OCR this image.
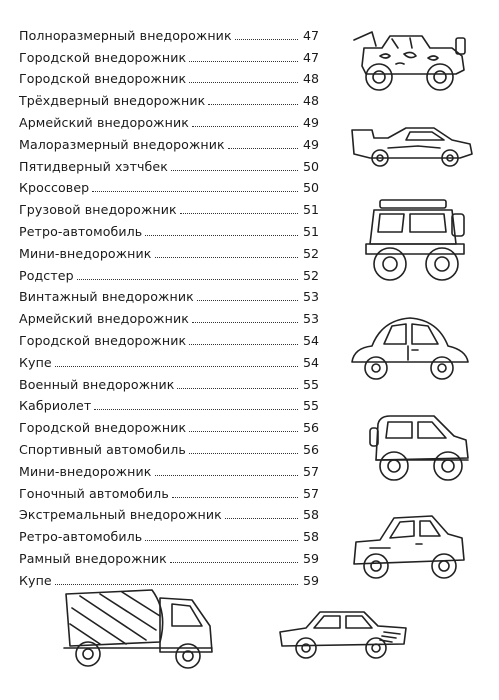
Полноразмерный внедорожник	47
Городской внедорожник	47
Городской внедорожник	48
Трёхдверный внедорожник	48
Армейский внедорожник	49
Малоразмерный внедорожник	49
Пятидверный хэтчбек	50
Кроссовер	50
Грузовой внедорожник	51
Ретро-автомобиль	51
Мини-внедорожник	52
Родстер	52
Винтажный внедорожник	53
Армейский внедорожник	53
Городской внедорожник	54
Купе	54
Военный внедорожник	55
Кабриолет	55
Городской внедорожник	56
Спортивный автомобиль	56
Мини-внедорожник	57
Гоночный автомобиль	57
Экстремальный внедорожник	58
Ретро-автомобиль	58
Рамный внедорожник	59
Купе	59
